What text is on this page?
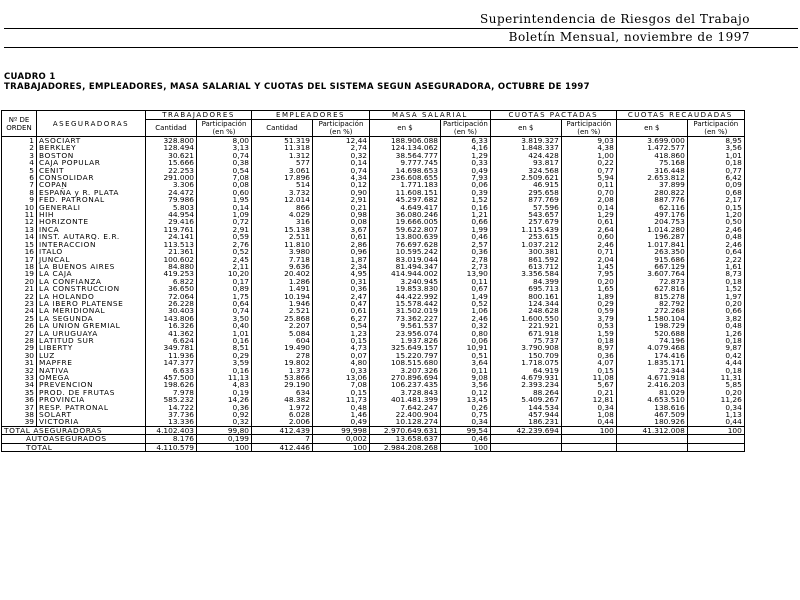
Superintendencia de Riesgos del Trabajo
Boletín Mensual, noviembre de 1997
CUADRO 1
TRABAJADORES, EMPLEADORES, MASA SALARIAL Y CUOTAS DEL SISTEMA SEGUN ASEGURADORA, OCTUBRE DE 1997
Nº DE ORDEN	ASEGURADORAS	TRABAJADORES		EMPLEADORES		MASA SALARIAL		CUOTAS PACTADAS		CUOTAS RECAUDADAS	
		Cantidad	Participación (en %)	Cantidad	Participación (en %)	en $	Participación (en %)	en $	Participación (en %)	en $	Participación (en %)
1	ASOCIART	328.800	8,00	51.319	12,44	188.906.088	6,33	3.819.327	9,03	3.699.000	8,95
2	BERKLEY	128.494	3,13	11.318	2,74	124.134.062	4,16	1.848.337	4,38	1.472.577	3,56
3	BOSTON	30.621	0,74	1.312	0,32	38.564.777	1,29	424.428	1,00	418.860	1,01
4	CAJA POPULAR	15.666	0,38	577	0,14	9.777.745	0,33	93.817	0,22	75.168	0,18
5	CENIT	22.253	0,54	3.061	0,74	14.698.653	0,49	324.568	0,77	316.448	0,77
6	CONSOLIDAR	291.000	7,08	17.896	4,34	236.608.655	7,93	2.509.621	5,94	2.653.812	6,42
7	COPAN	3.306	0,08	514	0,12	1.771.183	0,06	46.915	0,11	37.899	0,09
8	ESPAÑA y R. PLATA	24.472	0,60	3.732	0,90	11.608.151	0,39	295.658	0,70	280.822	0,68
9	FED. PATRONAL	79.986	1,95	12.014	2,91	45.297.682	1,52	877.769	2,08	887.776	2,17
10	GENERALI	5.803	0,14	866	0,21	4.649.417	0,16	57.596	0,14	62.116	0,15
11	HIH	44.954	1,09	4.029	0,98	36.080.246	1,21	543.657	1,29	497.176	1,20
12	HORIZONTE	29.416	0,72	316	0,08	19.666.005	0,66	257.679	0,61	204.753	0,50
13	INCA	119.761	2,91	15.138	3,67	59.622.807	1,99	1.115.439	2,64	1.014.280	2,46
14	INST. AUTARQ. E.R.	24.141	0,59	2.511	0,61	13.800.639	0,46	253.615	0,60	196.287	0,48
15	INTERACCION	113.513	2,76	11.810	2,86	76.697.628	2,57	1.037.212	2,46	1.017.841	2,46
16	ITALO	21.361	0,52	3.980	0,96	10.595.242	0,36	300.381	0,71	263.350	0,64
17	JUNCAL	100.602	2,45	7.718	1,87	83.019.044	2,78	861.592	2,04	915.686	2,22
18	LA BUENOS AIRES	84.880	2,11	9.636	2,34	81.494.347	2,73	613.712	1,45	667.129	1,61
19	LA CAJA	419.253	10,20	20.402	4,95	414.944.002	13,90	3.356.584	7,95	3.607.764	8,73
20	LA CONFIANZA	6.822	0,17	1.286	0,31	3.240.945	0,11	84.399	0,20	72.873	0,18
21	LA CONSTRUCCION	36.650	0,89	1.491	0,36	19.853.830	0,67	695.713	1,65	627.816	1,52
22	LA HOLANDO	72.064	1,75	10.194	2,47	44.422.992	1,49	800.161	1,89	815.278	1,97
23	LA IBERO PLATENSE	26.228	0,64	1.946	0,47	15.578.442	0,52	124.344	0,29	82.792	0,20
24	LA MERIDIONAL	30.403	0,74	2.521	0,61	31.502.019	1,06	248.628	0,59	272.268	0,66
25	LA SEGUNDA	143.806	3,50	25.868	6,27	73.362.227	2,46	1.600.550	3,79	1.580.104	3,82
26	LA UNION GREMIAL	16.326	0,40	2.207	0,54	9.561.537	0,32	221.921	0,53	198.729	0,48
27	LA URUGUAYA	41.362	1,01	5.084	1,23	23.956.074	0,80	671.918	1,59	520.688	1,26
28	LATITUD SUR	6.624	0,16	604	0,15	1.937.826	0,06	75.737	0,18	74.196	0,18
29	LIBERTY	349.781	8,51	19.490	4,73	325.649.157	10,91	3.790.908	8,97	4.079.468	9,87
30	LUZ	11.936	0,29	278	0,07	15.220.797	0,51	150.709	0,36	174.416	0,42
31	MAPFRE	147.377	3,59	19.802	4,80	108.515.680	3,64	1.718.075	4,07	1.835.171	4,44
32	NATIVA	6.633	0,16	1.373	0,33	3.207.326	0,11	64.919	0,15	72.344	0,18
33	OMEGA	457.500	11,13	53.866	13,06	270.896.694	9,08	4.679.931	11,08	4.671.918	11,31
34	PREVENCION	198.626	4,83	29.190	7,08	106.237.435	3,56	2.393.234	5,67	2.416.203	5,85
35	PROD. DE FRUTAS	7.978	0,19	634	0,15	3.728.843	0,12	88.264	0,21	81.029	0,20
36	PROVINCIA	585.232	14,26	48.382	11,73	401.481.399	13,45	5.409.267	12,81	4.653.510	11,26
37	RESP. PATRONAL	14.722	0,36	1.972	0,48	7.642.247	0,26	144.534	0,34	138.616	0,34
38	SOLART	37.736	0,92	6.028	1,46	22.400.904	0,75	457.944	1,08	467.509	1,13
39	VICTORIA	13.336	0,32	2.006	0,49	10.128.274	0,34	186.231	0,44	180.926	0,44
TOTAL ASEGURADORAS		4.102.403	99,80	412.439	99,998	2.970.649.631	99,54	42.239.694	100	41.312.008	100
AUTOASEGURADOS		8.176	0,199	7	0,002	13.658.637	0,46				
TOTAL		4.110.579	100	412.446	100	2.984.208.268	100				
